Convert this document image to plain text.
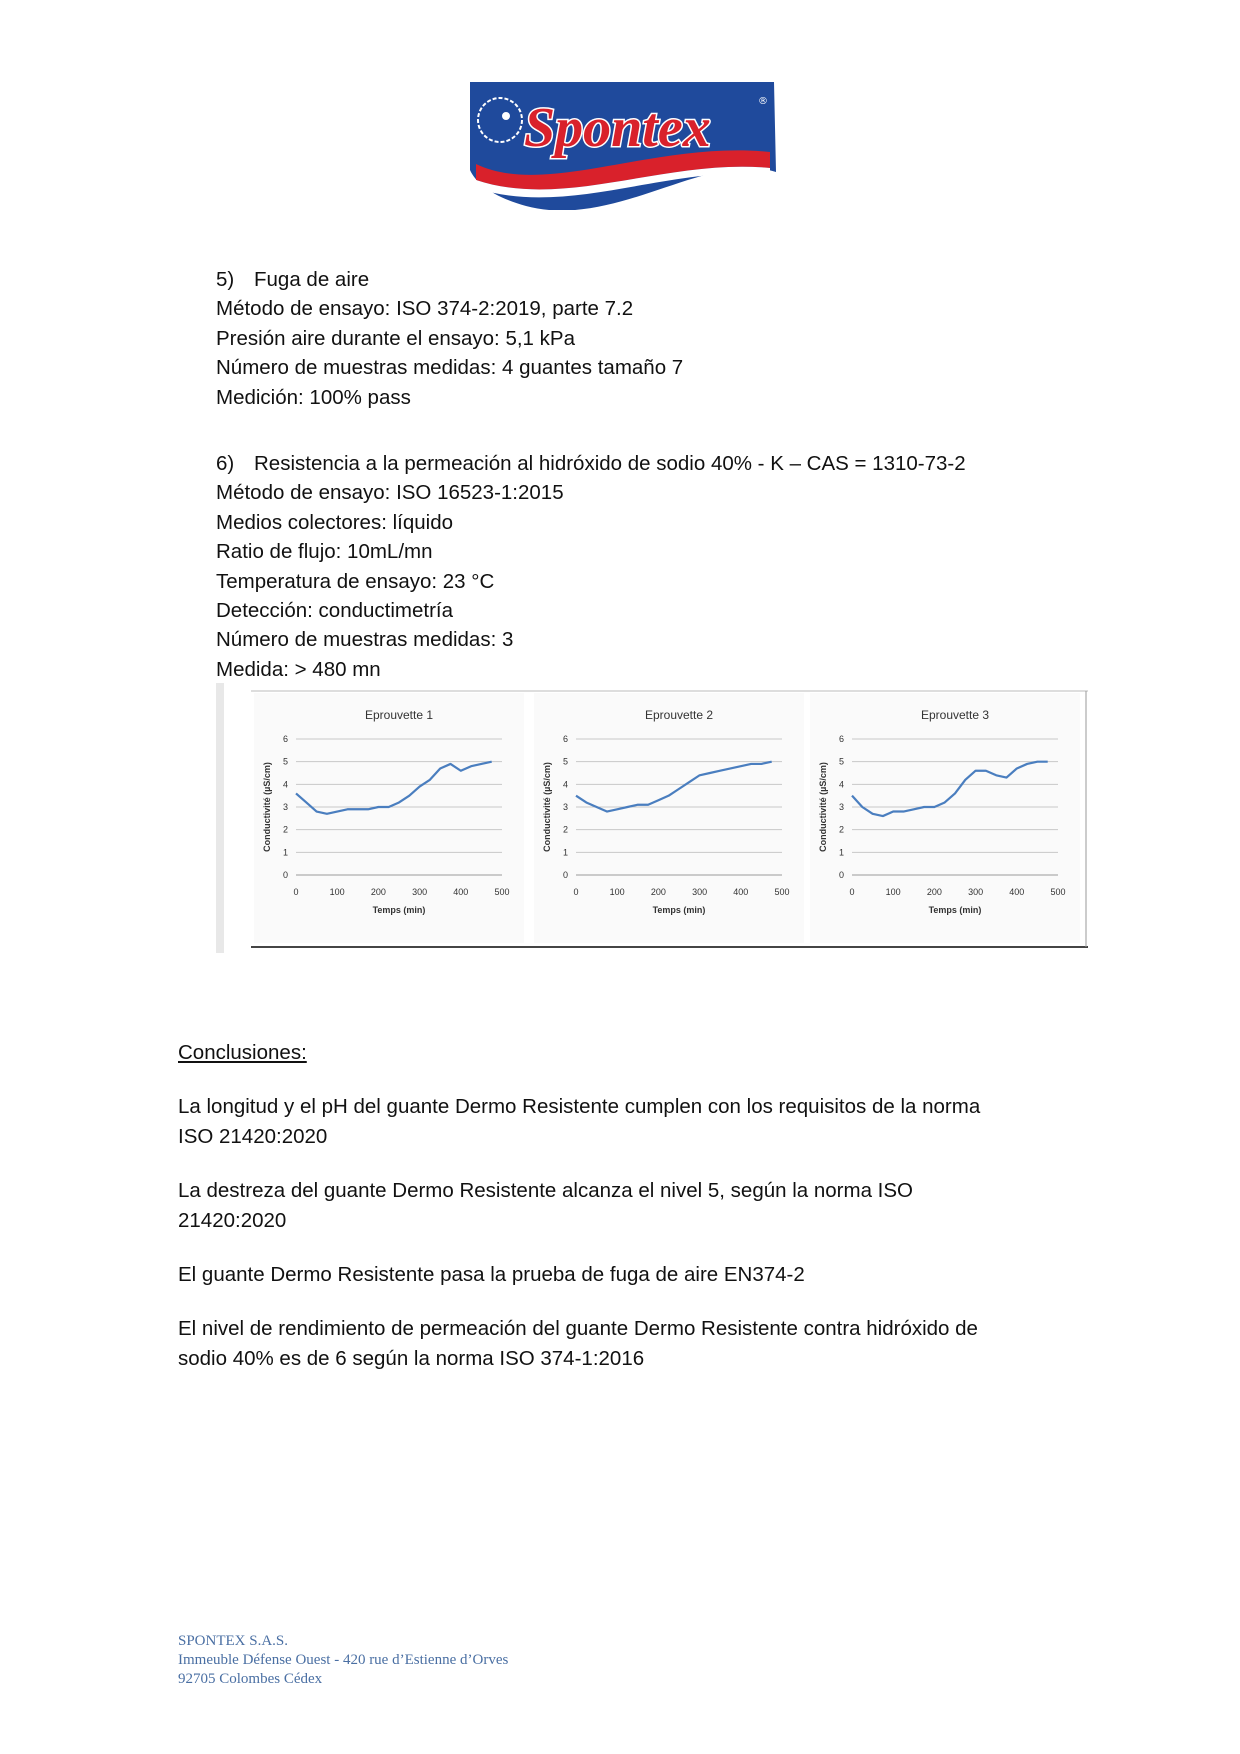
Spontex	®
5) Fuga de aire
Método de ensayo: ISO 374-2:2019, parte 7.2
Presión aire durante el ensayo: 5,1 kPa
Número de muestras medidas: 4 guantes tamaño 7
Medición: 100% pass
6) Resistencia a la permeación al hidróxido de sodio 40% - K – CAS = 1310-73-2
Método de ensayo: ISO 16523-1:2015
Medios colectores: líquido
Ratio de flujo: 10mL/mn
Temperatura de ensayo: 23 °C
Detección: conductimetría
Número de muestras medidas: 3
Medida: > 480 mn
Eprouvette 1
0
1
2
3
4
5
6
0	100	200	300	400	500
Temps (min)
Conductivité (µS/cm)
Eprouvette 2
0
1
2
3
4
5
6
0	100	200	300	400	500
Temps (min)
Conductivité (µS/cm)
Eprouvette 3
0
1
2
3
4
5
6
0	100	200	300	400	500
Temps (min)
Conductivité (µS/cm)

Conclusiones:

La longitud y el pH del guante Dermo Resistente cumplen con los requisitos de la norma
ISO 21420:2020

La destreza del guante Dermo Resistente alcanza el nivel 5, según la norma ISO
21420:2020

El guante Dermo Resistente pasa la prueba de fuga de aire EN374-2

El nivel de rendimiento de permeación del guante Dermo Resistente contra hidróxido de
sodio 40% es de 6 según la norma ISO 374-1:2016

SPONTEX S.A.S.
Immeuble Défense Ouest - 420 rue d’Estienne d’Orves
92705 Colombes Cédex
